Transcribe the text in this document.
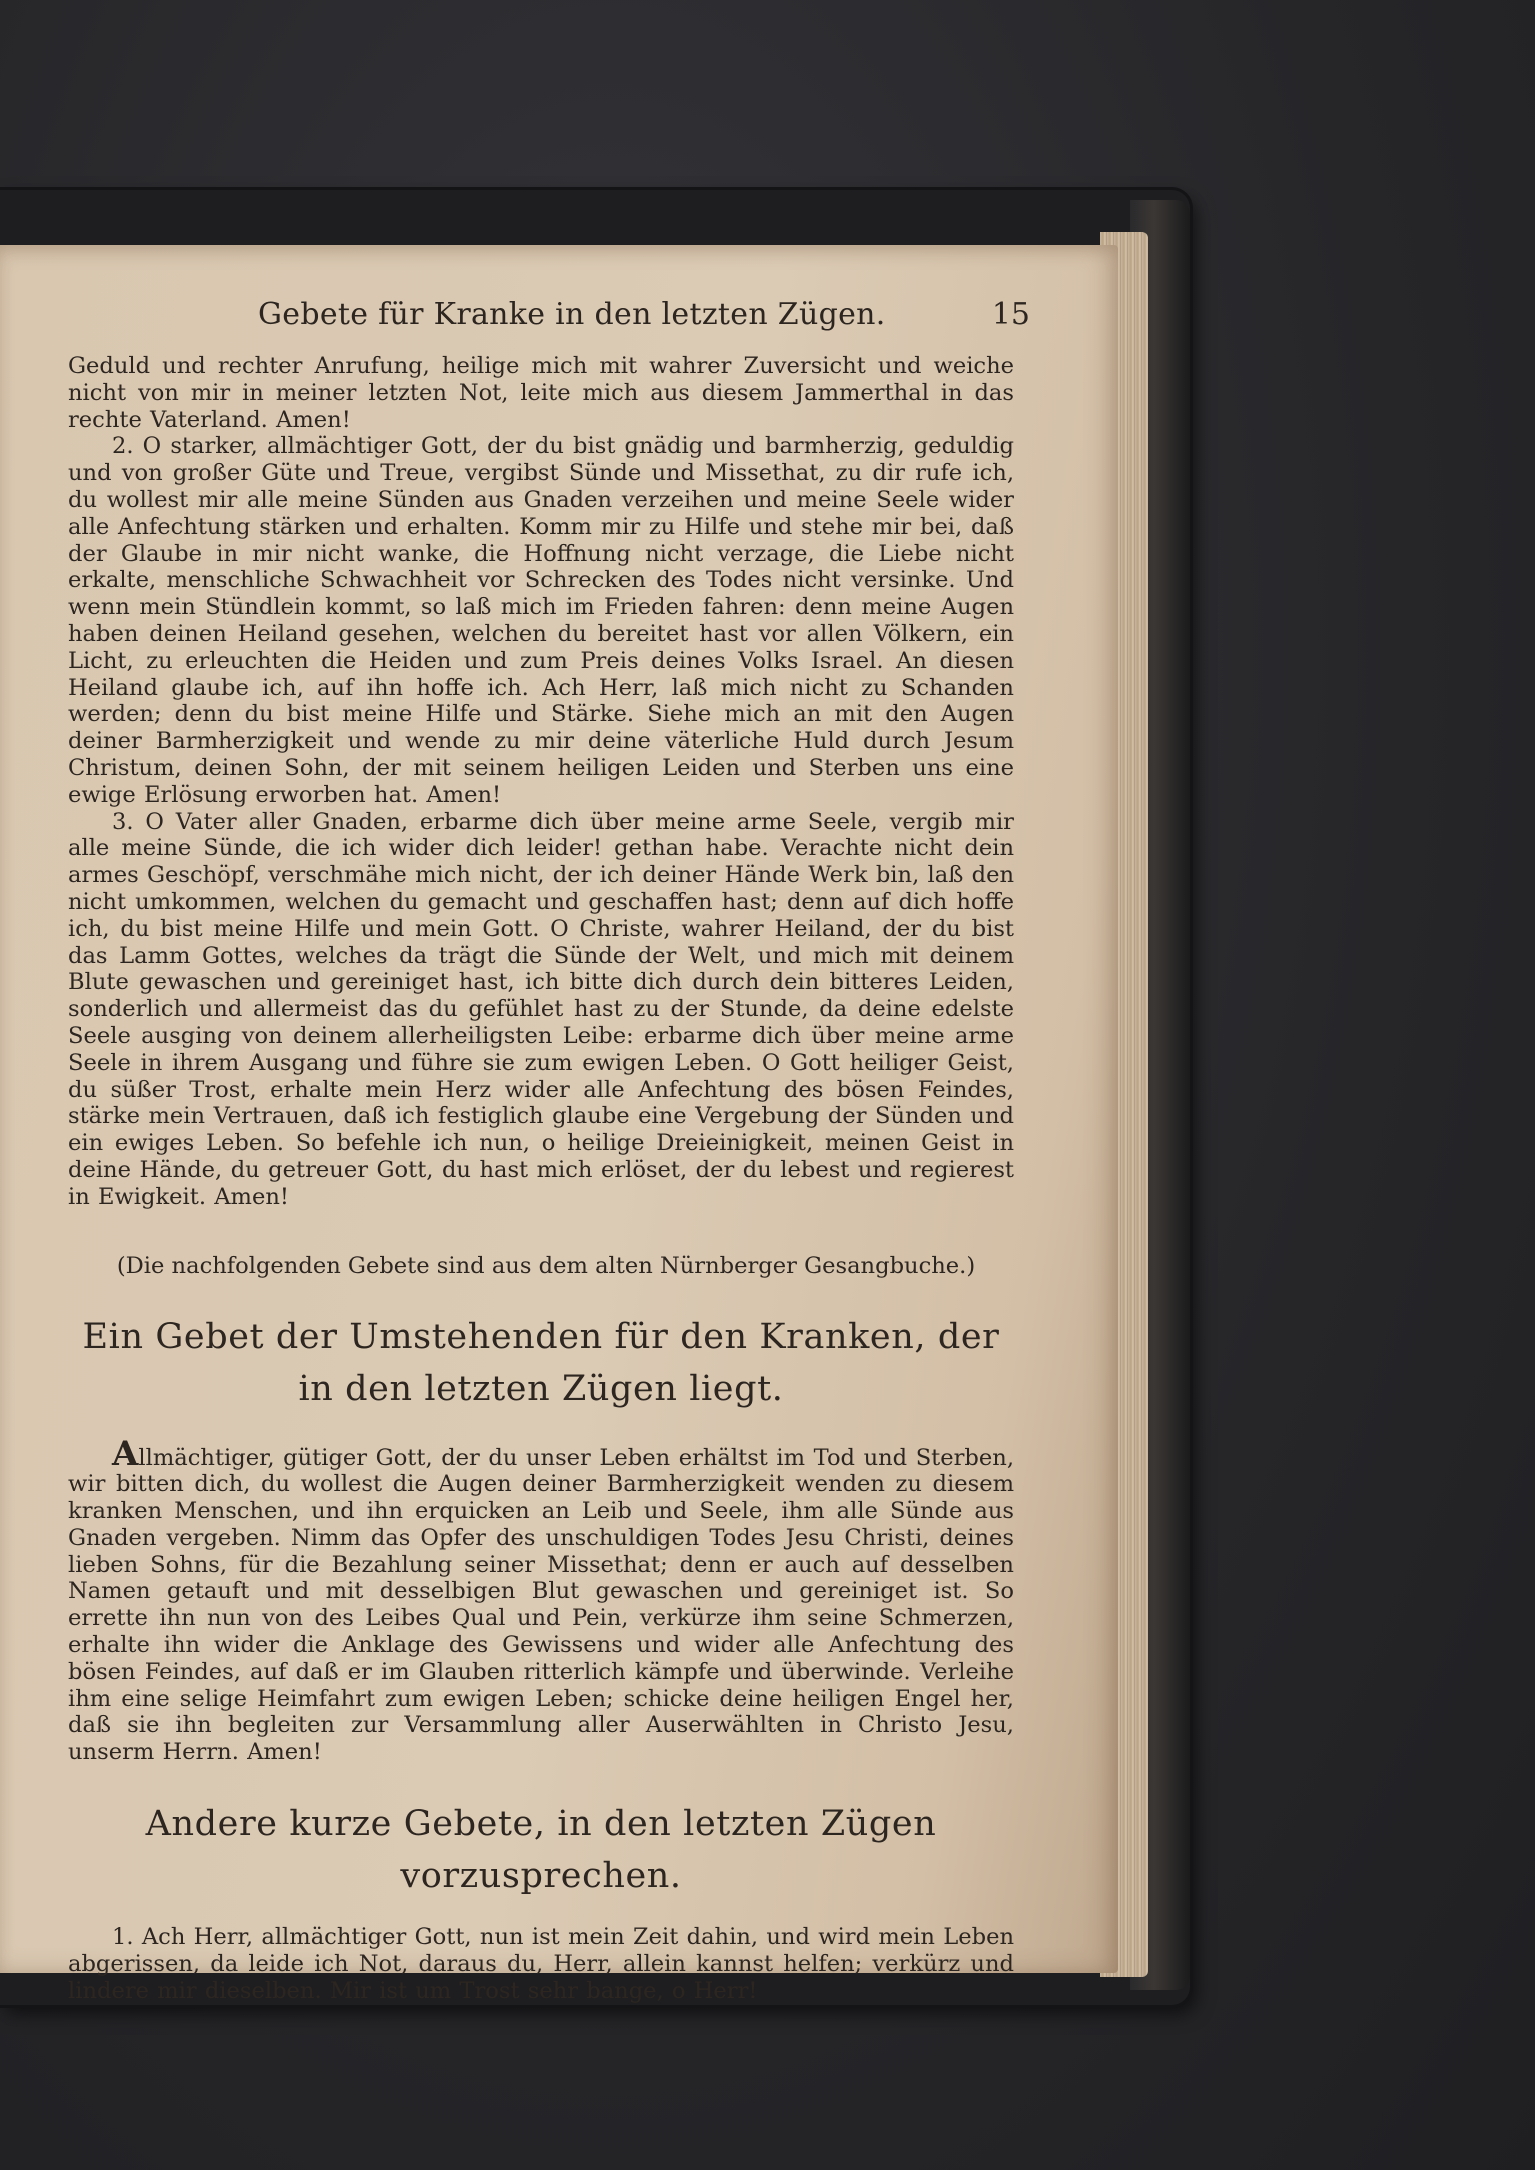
Gebete für Kranke in den letzten Zügen.	15

Geduld und rechter Anrufung, heilige mich mit wahrer Zuversicht und weiche nicht von mir in meiner letzten Not, leite mich aus diesem Jammerthal in das rechte Vaterland. Amen!

2. O starker, allmächtiger Gott, der du bist gnädig und barmherzig, geduldig und von großer Güte und Treue, vergibst Sünde und Missethat, zu dir rufe ich, du wollest mir alle meine Sünden aus Gnaden verzeihen und meine Seele wider alle Anfechtung stärken und erhalten. Komm mir zu Hilfe und stehe mir bei, daß der Glaube in mir nicht wanke, die Hoffnung nicht verzage, die Liebe nicht erkalte, menschliche Schwachheit vor Schrecken des Todes nicht versinke. Und wenn mein Stündlein kommt, so laß mich im Frieden fahren: denn meine Augen haben deinen Heiland gesehen, welchen du bereitet hast vor allen Völkern, ein Licht, zu erleuchten die Heiden und zum Preis deines Volks Israel. An diesen Heiland glaube ich, auf ihn hoffe ich. Ach Herr, laß mich nicht zu Schanden werden; denn du bist meine Hilfe und Stärke. Siehe mich an mit den Augen deiner Barmherzigkeit und wende zu mir deine väterliche Huld durch Jesum Christum, deinen Sohn, der mit seinem heiligen Leiden und Sterben uns eine ewige Erlösung erworben hat. Amen!

3. O Vater aller Gnaden, erbarme dich über meine arme Seele, vergib mir alle meine Sünde, die ich wider dich leider! gethan habe. Verachte nicht dein armes Geschöpf, verschmähe mich nicht, der ich deiner Hände Werk bin, laß den nicht umkommen, welchen du gemacht und geschaffen hast; denn auf dich hoffe ich, du bist meine Hilfe und mein Gott. O Christe, wahrer Heiland, der du bist das Lamm Gottes, welches da trägt die Sünde der Welt, und mich mit deinem Blute gewaschen und gereiniget hast, ich bitte dich durch dein bitteres Leiden, sonderlich und allermeist das du gefühlet hast zu der Stunde, da deine edelste Seele ausging von deinem allerheiligsten Leibe: erbarme dich über meine arme Seele in ihrem Ausgang und führe sie zum ewigen Leben. O Gott heiliger Geist, du süßer Trost, erhalte mein Herz wider alle Anfechtung des bösen Feindes, stärke mein Vertrauen, daß ich festiglich glaube eine Vergebung der Sünden und ein ewiges Leben. So befehle ich nun, o heilige Dreieinigkeit, meinen Geist in deine Hände, du getreuer Gott, du hast mich erlöset, der du lebest und regierest in Ewigkeit. Amen!

(Die nachfolgenden Gebete sind aus dem alten Nürnberger Gesangbuche.)
Ein Gebet der Umstehenden für den Kranken, der in den letzten Zügen liegt.

Allmächtiger, gütiger Gott, der du unser Leben erhältst im Tod und Sterben, wir bitten dich, du wollest die Augen deiner Barmherzigkeit wenden zu diesem kranken Menschen, und ihn erquicken an Leib und Seele, ihm alle Sünde aus Gnaden vergeben. Nimm das Opfer des unschuldigen Todes Jesu Christi, deines lieben Sohns, für die Bezahlung seiner Missethat; denn er auch auf desselben Namen getauft und mit desselbigen Blut gewaschen und gereiniget ist. So errette ihn nun von des Leibes Qual und Pein, verkürze ihm seine Schmerzen, erhalte ihn wider die Anklage des Gewissens und wider alle Anfechtung des bösen Feindes, auf daß er im Glauben ritterlich kämpfe und überwinde. Verleihe ihm eine selige Heimfahrt zum ewigen Leben; schicke deine heiligen Engel her, daß sie ihn begleiten zur Versammlung aller Auserwählten in Christo Jesu, unserm Herrn. Amen!

Andere kurze Gebete, in den letzten Zügen vorzusprechen.

1. Ach Herr, allmächtiger Gott, nun ist mein Zeit dahin, und wird mein Leben abgerissen, da leide ich Not, daraus du, Herr, allein kannst helfen; verkürz und lindere mir dieselben. Mir ist um Trost sehr bange, o Herr!
